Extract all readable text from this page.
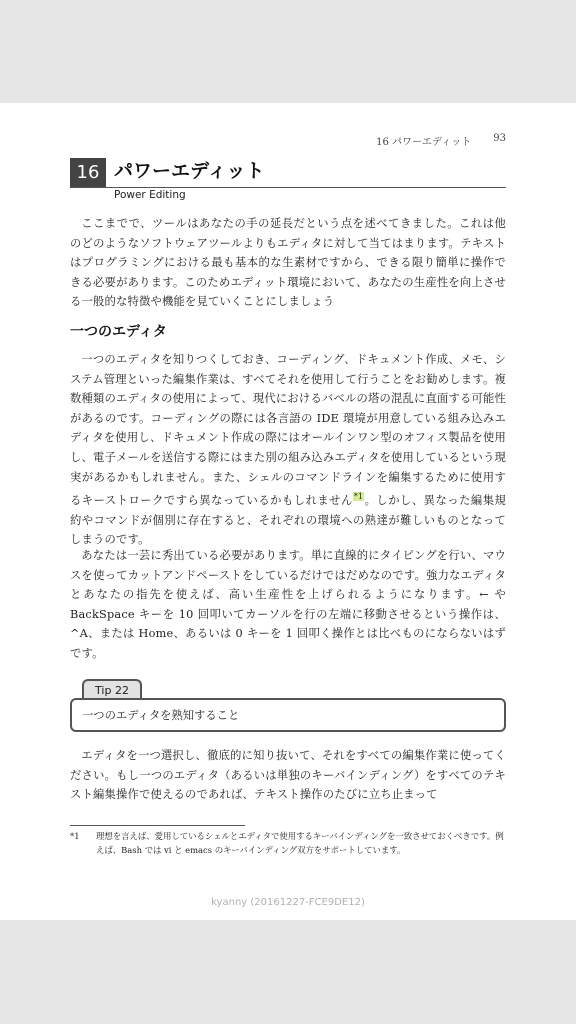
16 パワーエディット 93
16 パワーエディット
Power Editing

ここまでで、ツールはあなたの手の延長だという点を述べてきました。これは他のどのようなソフトウェアツールよりもエディタに対して当てはまります。テキストはプログラミングにおける最も基本的な生素材ですから、できる限り簡単に操作できる必要があります。このためエディット環境において、あなたの生産性を向上させる一般的な特徴や機能を見ていくことにしましょう

一つのエディタ

一つのエディタを知りつくしておき、コーディング、ドキュメント作成、メモ、システム管理といった編集作業は、すべてそれを使用して行うことをお勧めします。複数種類のエディタの使用によって、現代におけるバベルの塔の混乱に直面する可能性があるのです。コーディングの際には各言語の IDE 環境が用意している組み込みエディタを使用し、ドキュメント作成の際にはオールインワン型のオフィス製品を使用し、電子メールを送信する際にはまた別の組み込みエディタを使用しているという現実があるかもしれません。また、シェルのコマンドラインを編集するために使用するキーストロークですら異なっているかもしれません$^{*1}$。しかし、異なった編集規約やコマンドが個別に存在すると、それぞれの環境への熟達が難しいものとなってしまうのです。

あなたは一芸に秀出ている必要があります。単に直線的にタイピングを行い、マウスを使ってカットアンドペーストをしているだけではだめなのです。強力なエディタとあなたの指先を使えば、高い生産性を上げられるようになります。← や BackSpace キーを 10 回叩いてカーソルを行の左端に移動させるという操作は、^A、または Home、あるいは 0 キーを 1 回叩く操作とは比べものにならないはずです。

Tip 22
一つのエディタを熟知すること

エディタを一つ選択し、徹底的に知り抜いて、それをすべての編集作業に使ってください。もし一つのエディタ（あるいは単独のキーバインディング）をすべてのテキスト編集操作で使えるのであれば、テキスト操作のたびに立ち止まって

*1	理想を言えば、愛用しているシェルとエディタで使用するキーバインディングを一致させておくべきです。例えば、Bash では vi と emacs のキーバインディング双方をサポートしています。
kyanny (20161227-FCE9DE12)
